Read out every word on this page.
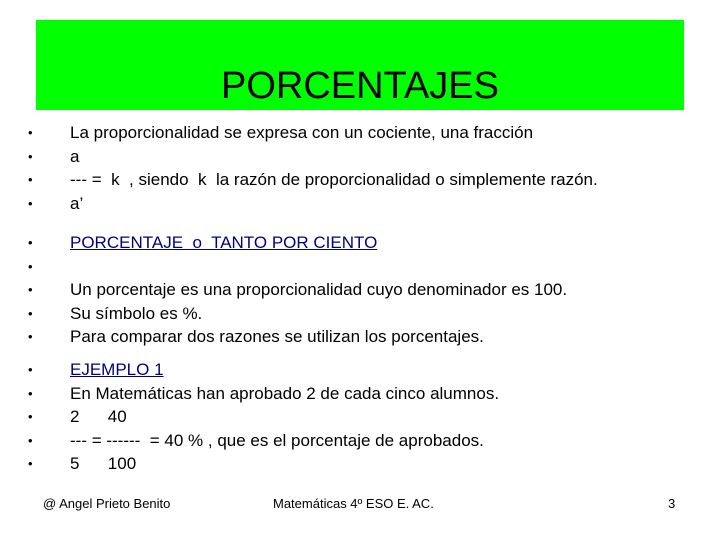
PORCENTAJES

•

	La proporcionalidad se expresa con un cociente, una fracción

•

	a

•

	--- =  k  , siendo  k  la razón de proporcionalidad o simplemente razón.

•

	a’

•

	PORCENTAJE  o  TANTO POR CIENTO

•

•

	Un porcentaje es una proporcionalidad cuyo denominador es 100.

•

	Su símbolo es %.

•

	Para comparar dos razones se utilizan los porcentajes.

•

	EJEMPLO 1

•

	En Matemáticas han aprobado 2 de cada cinco alumnos.

•

	2      40

•

	--- = ------  = 40 % , que es el porcentaje de aprobados.

•

	5      100

@ Angel Prieto Benito	Matemáticas 4º ESO E. AC.	3
